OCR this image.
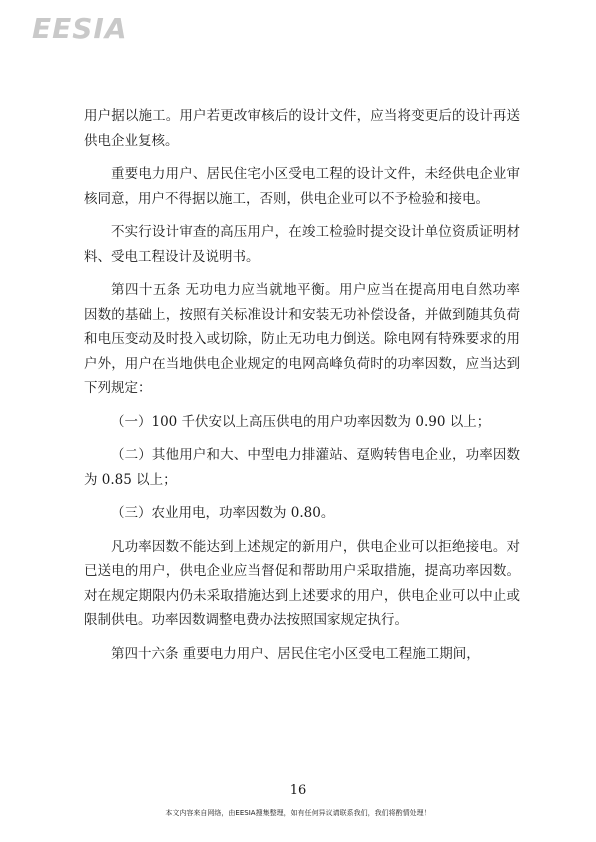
EESIA

用户据以施工。用户若更改审核后的设计文件，应当将变更后的设计再送供电企业复核。

重要电力用户、居民住宅小区受电工程的设计文件，未经供电企业审核同意，用户不得据以施工，否则，供电企业可以不予检验和接电。

不实行设计审查的高压用户，在竣工检验时提交设计单位资质证明材料、受电工程设计及说明书。

第四十五条 无功电力应当就地平衡。用户应当在提高用电自然功率因数的基础上，按照有关标准设计和安装无功补偿设备，并做到随其负荷和电压变动及时投入或切除，防止无功电力倒送。除电网有特殊要求的用户外，用户在当地供电企业规定的电网高峰负荷时的功率因数，应当达到下列规定：

（一）100 千伏安以上高压供电的用户功率因数为 0.90 以上；

（二）其他用户和大、中型电力排灌站、趸购转售电企业，功率因数为 0.85 以上；

（三）农业用电，功率因数为 0.80。

凡功率因数不能达到上述规定的新用户，供电企业可以拒绝接电。对已送电的用户，供电企业应当督促和帮助用户采取措施，提高功率因数。对在规定期限内仍未采取措施达到上述要求的用户，供电企业可以中止或限制供电。功率因数调整电费办法按照国家规定执行。

第四十六条 重要电力用户、居民住宅小区受电工程施工期间，

16
本文内容来自网络，由EESIA搜集整理，如有任何异议请联系我们，我们将酌情处理！
